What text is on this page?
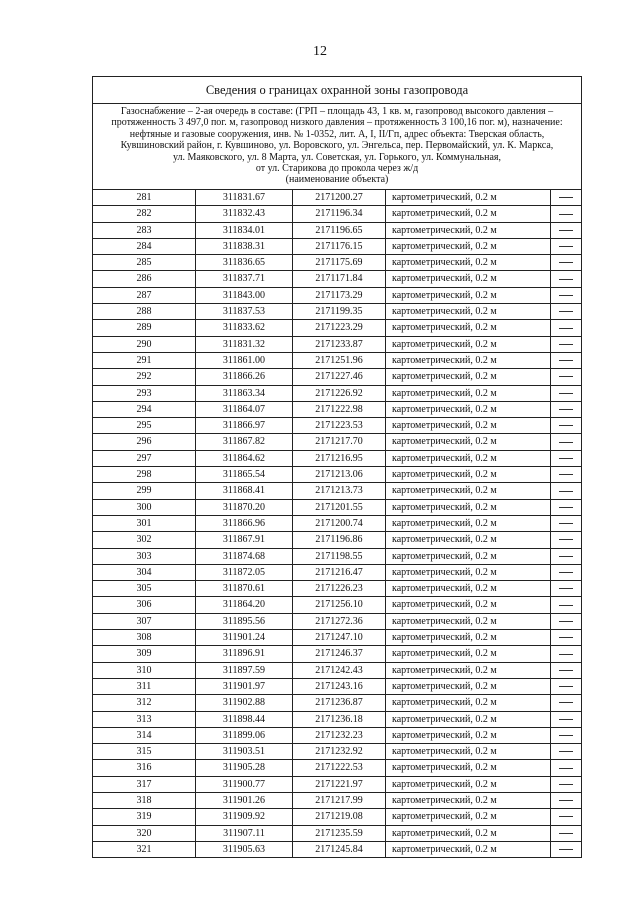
12
Сведения о границах охранной зоны газопровода
Газоснабжение – 2-ая очередь в составе: (ГРП – площадь 43, 1 кв. м, газопровод высокого давления –
протяженность 3 497,0 пог. м, газопровод низкого давления – протяженность 3 100,16 пог. м), назначение:
нефтяные и газовые сооружения, инв. № 1-0352, лит. А, I, II/Гп, адрес объекта: Тверская область,
Кувшиновский район, г. Кувшиново, ул. Воровского, ул. Энгельса, пер. Первомайский, ул. К. Маркса,
ул. Маяковского, ул. 8 Марта, ул. Советская, ул. Горького, ул. Коммунальная,
от ул. Старикова до прокола через ж/д
(наименование объекта)
281	311831.67	2171200.27	картометрический, 0.2 м	
282	311832.43	2171196.34	картометрический, 0.2 м	
283	311834.01	2171196.65	картометрический, 0.2 м	
284	311838.31	2171176.15	картометрический, 0.2 м	
285	311836.65	2171175.69	картометрический, 0.2 м	
286	311837.71	2171171.84	картометрический, 0.2 м	
287	311843.00	2171173.29	картометрический, 0.2 м	
288	311837.53	2171199.35	картометрический, 0.2 м	
289	311833.62	2171223.29	картометрический, 0.2 м	
290	311831.32	2171233.87	картометрический, 0.2 м	
291	311861.00	2171251.96	картометрический, 0.2 м	
292	311866.26	2171227.46	картометрический, 0.2 м	
293	311863.34	2171226.92	картометрический, 0.2 м	
294	311864.07	2171222.98	картометрический, 0.2 м	
295	311866.97	2171223.53	картометрический, 0.2 м	
296	311867.82	2171217.70	картометрический, 0.2 м	
297	311864.62	2171216.95	картометрический, 0.2 м	
298	311865.54	2171213.06	картометрический, 0.2 м	
299	311868.41	2171213.73	картометрический, 0.2 м	
300	311870.20	2171201.55	картометрический, 0.2 м	
301	311866.96	2171200.74	картометрический, 0.2 м	
302	311867.91	2171196.86	картометрический, 0.2 м	
303	311874.68	2171198.55	картометрический, 0.2 м	
304	311872.05	2171216.47	картометрический, 0.2 м	
305	311870.61	2171226.23	картометрический, 0.2 м	
306	311864.20	2171256.10	картометрический, 0.2 м	
307	311895.56	2171272.36	картометрический, 0.2 м	
308	311901.24	2171247.10	картометрический, 0.2 м	
309	311896.91	2171246.37	картометрический, 0.2 м	
310	311897.59	2171242.43	картометрический, 0.2 м	
311	311901.97	2171243.16	картометрический, 0.2 м	
312	311902.88	2171236.87	картометрический, 0.2 м	
313	311898.44	2171236.18	картометрический, 0.2 м	
314	311899.06	2171232.23	картометрический, 0.2 м	
315	311903.51	2171232.92	картометрический, 0.2 м	
316	311905.28	2171222.53	картометрический, 0.2 м	
317	311900.77	2171221.97	картометрический, 0.2 м	
318	311901.26	2171217.99	картометрический, 0.2 м	
319	311909.92	2171219.08	картометрический, 0.2 м	
320	311907.11	2171235.59	картометрический, 0.2 м	
321	311905.63	2171245.84	картометрический, 0.2 м	
